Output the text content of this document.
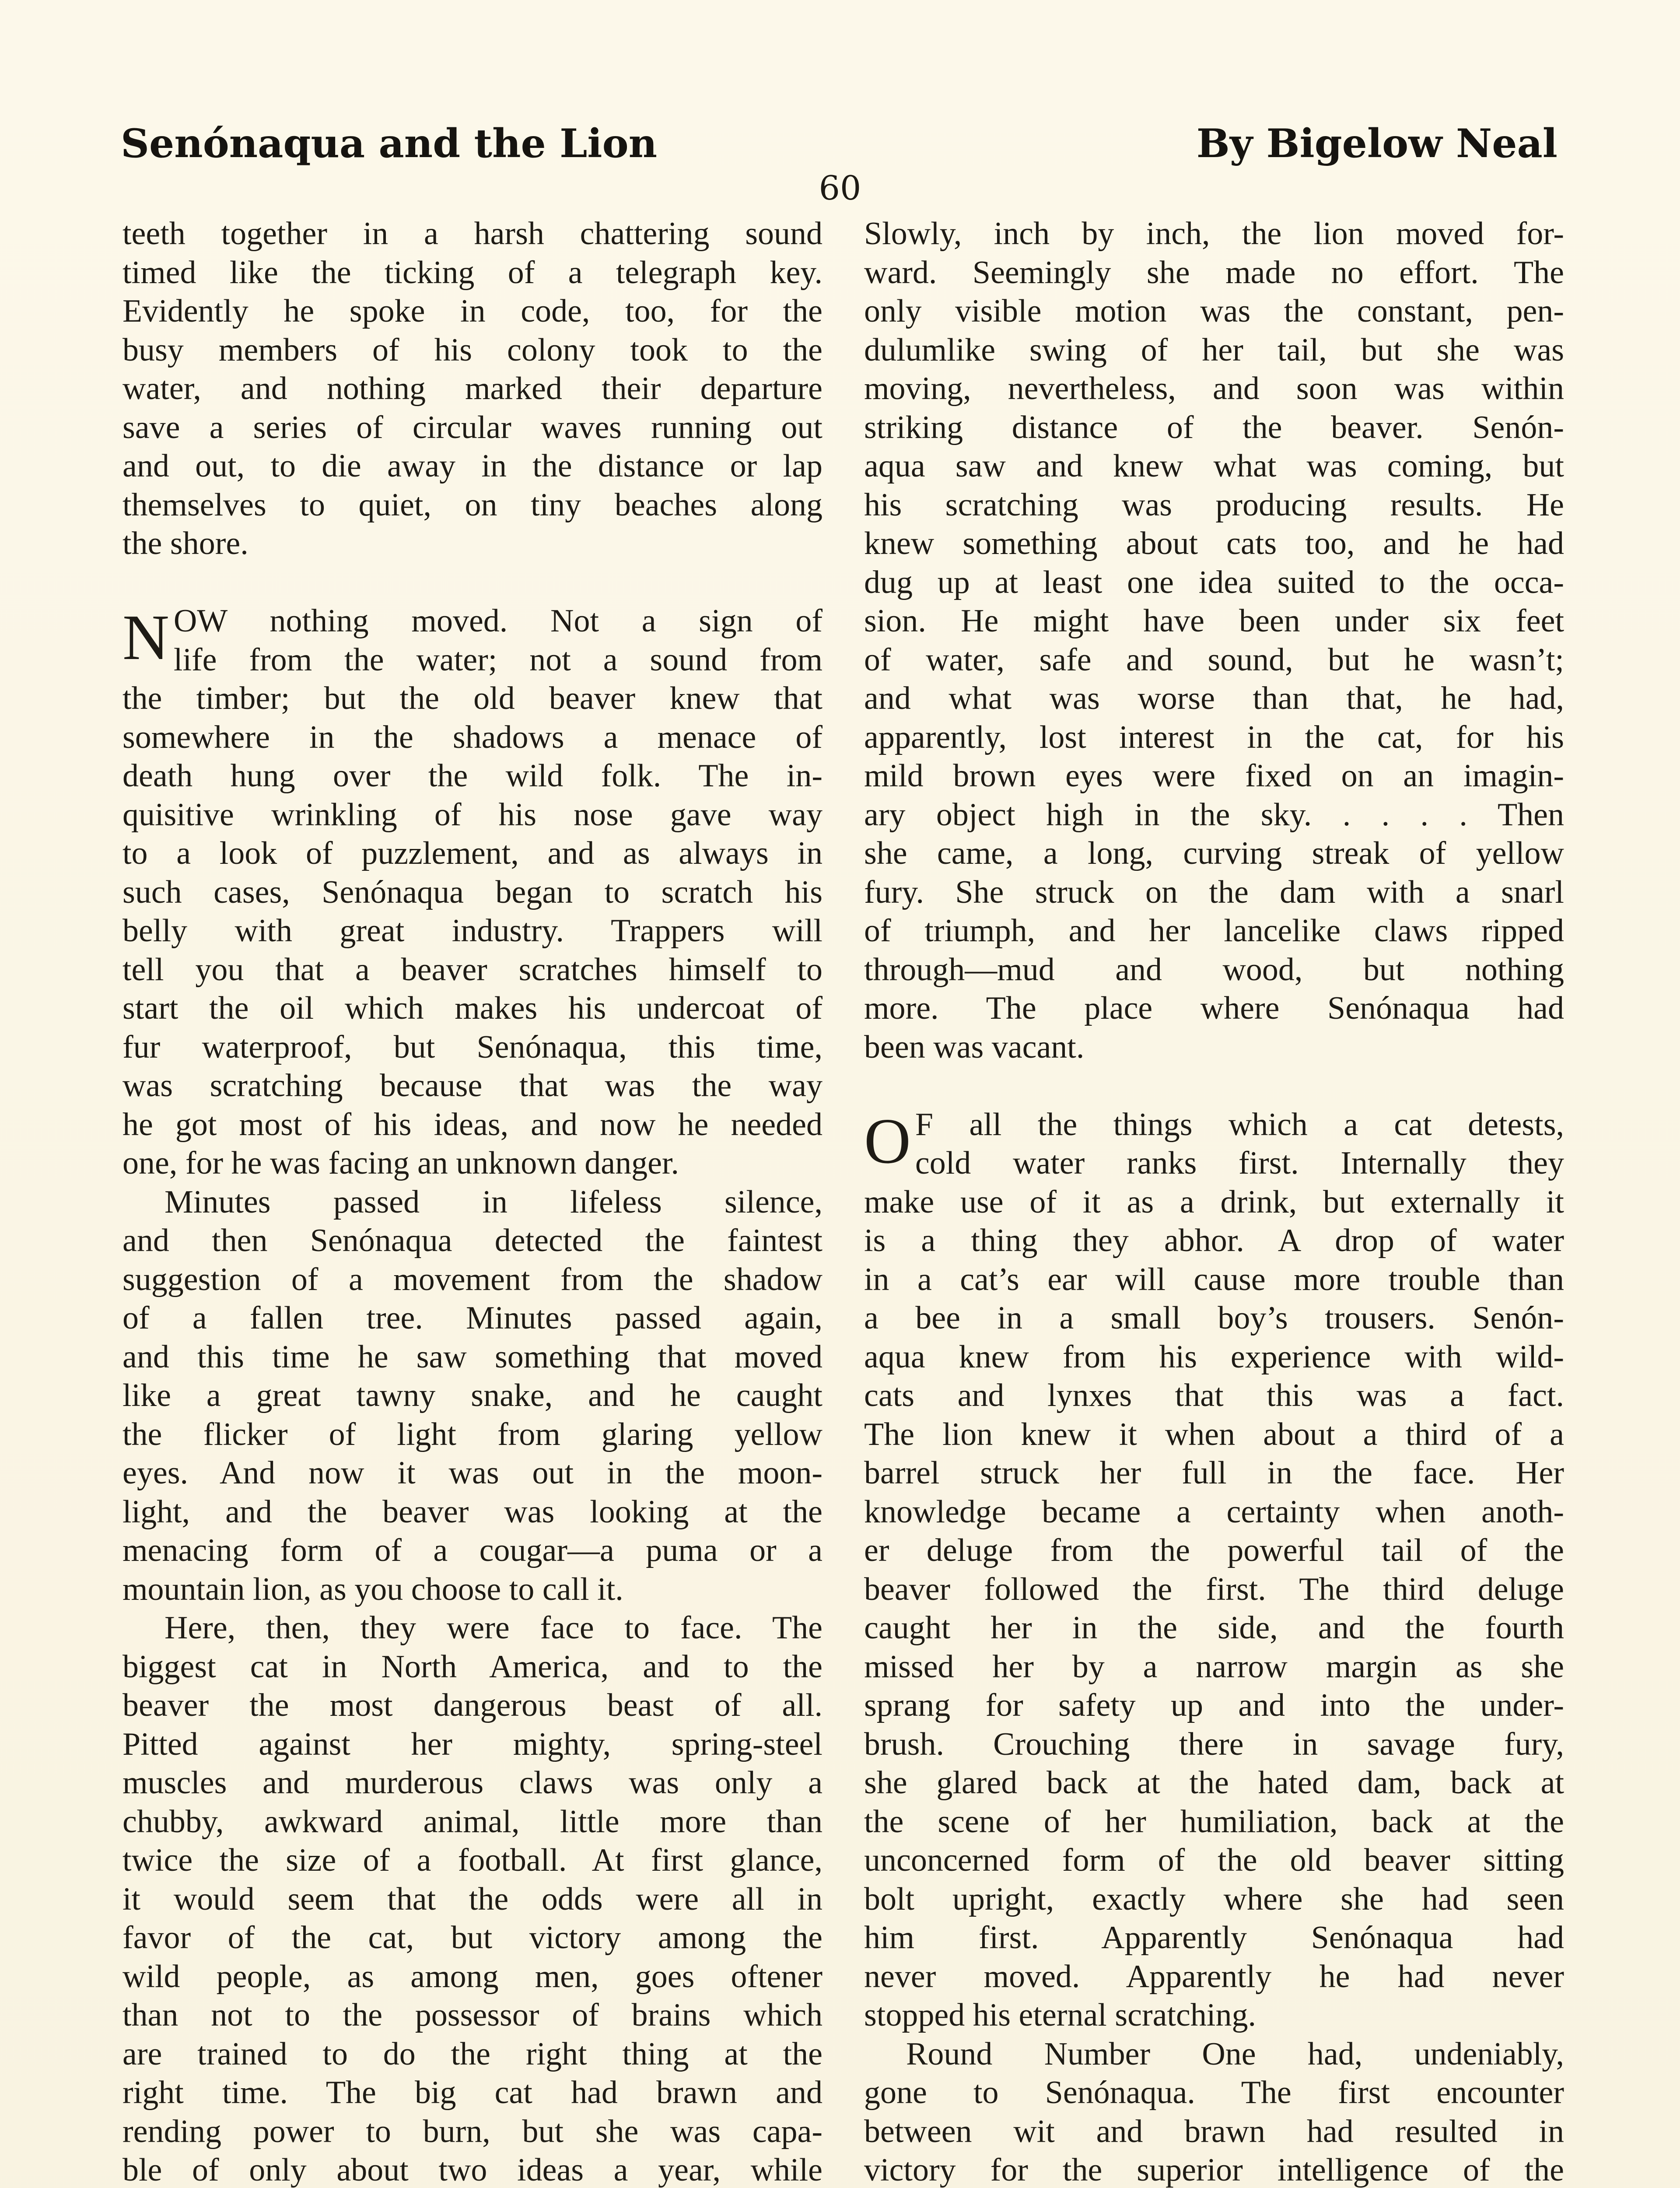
Senónaqua and the Lion	By Bigelow Neal
60
teeth together in a harsh chattering sound
timed like the ticking of a telegraph key.
Evidently he spoke in code, too, for the
busy members of his colony took to the
water, and nothing marked their departure
save a series of circular waves running out
and out, to die away in the distance or lap
themselves to quiet, on tiny beaches along
the shore.
N OW nothing moved. Not a sign of
life from the water; not a sound from
the timber; but the old beaver knew that
somewhere in the shadows a menace of
death hung over the wild folk. The in-
quisitive wrinkling of his nose gave way
to a look of puzzlement, and as always in
such cases, Senónaqua began to scratch his
belly with great industry. Trappers will
tell you that a beaver scratches himself to
start the oil which makes his undercoat of
fur waterproof, but Senónaqua, this time,
was scratching because that was the way
he got most of his ideas, and now he needed
one, for he was facing an unknown danger.
Minutes passed in lifeless silence,
and then Senónaqua detected the faintest
suggestion of a movement from the shadow
of a fallen tree. Minutes passed again,
and this time he saw something that moved
like a great tawny snake, and he caught
the flicker of light from glaring yellow
eyes. And now it was out in the moon-
light, and the beaver was looking at the
menacing form of a cougar—a puma or a
mountain lion, as you choose to call it.
Here, then, they were face to face. The
biggest cat in North America, and to the
beaver the most dangerous beast of all.
Pitted against her mighty, spring-steel
muscles and murderous claws was only a
chubby, awkward animal, little more than
twice the size of a football. At first glance,
it would seem that the odds were all in
favor of the cat, but victory among the
wild people, as among men, goes oftener
than not to the possessor of brains which
are trained to do the right thing at the
right time. The big cat had brawn and
rending power to burn, but she was capa-
ble of only about two ideas a year, while
Slowly, inch by inch, the lion moved for-
ward. Seemingly she made no effort. The
only visible motion was the constant, pen-
dulumlike swing of her tail, but she was
moving, nevertheless, and soon was within
striking distance of the beaver. Senón-
aqua saw and knew what was coming, but
his scratching was producing results. He
knew something about cats too, and he had
dug up at least one idea suited to the occa-
sion. He might have been under six feet
of water, safe and sound, but he wasn’t;
and what was worse than that, he had,
apparently, lost interest in the cat, for his
mild brown eyes were fixed on an imagin-
ary object high in the sky. . . . . Then
she came, a long, curving streak of yellow
fury. She struck on the dam with a snarl
of triumph, and her lancelike claws ripped
through—mud and wood, but nothing
more. The place where Senónaqua had
been was vacant.
O F all the things which a cat detests,
cold water ranks first. Internally they
make use of it as a drink, but externally it
is a thing they abhor. A drop of water
in a cat’s ear will cause more trouble than
a bee in a small boy’s trousers. Senón-
aqua knew from his experience with wild-
cats and lynxes that this was a fact.
The lion knew it when about a third of a
barrel struck her full in the face. Her
knowledge became a certainty when anoth-
er deluge from the powerful tail of the
beaver followed the first. The third deluge
caught her in the side, and the fourth
missed her by a narrow margin as she
sprang for safety up and into the under-
brush. Crouching there in savage fury,
she glared back at the hated dam, back at
the scene of her humiliation, back at the
unconcerned form of the old beaver sitting
bolt upright, exactly where she had seen
him first. Apparently Senónaqua had
never moved. Apparently he had never
stopped his eternal scratching.
Round Number One had, undeniably,
gone to Senónaqua. The first encounter
between wit and brawn had resulted in
victory for the superior intelligence of the
